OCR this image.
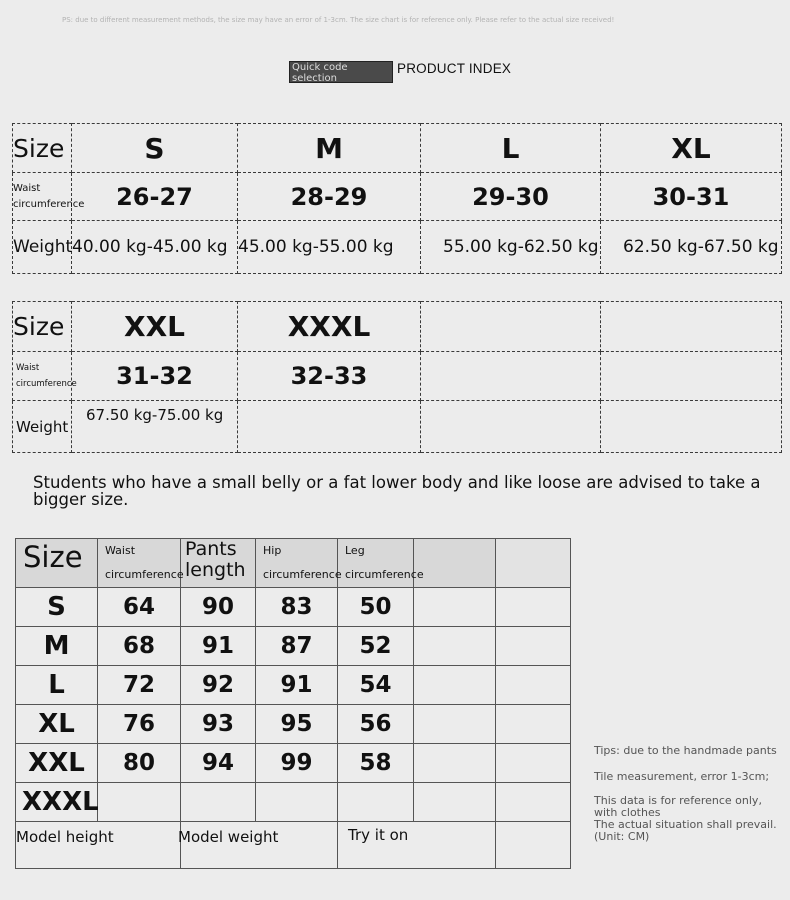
PS: due to different measurement methods, the size may have an error of 1-3cm. The size chart is for reference only. Please refer to the actual size received!
Quick code selection
PRODUCT INDEX
Size	S	M	L	XL
Waist circumference	26-27	28-29	29-30	30-31
Weight	40.00 kg-45.00 kg	45.00 kg-55.00 kg	55.00 kg-62.50 kg	62.50 kg-67.50 kg
Size	XXL	XXXL		
Waist circumference	31-32	32-33		
Weight	67.50 kg-75.00 kg			
Students who have a small belly or a fat lower body and like loose are advised to take a bigger size.
Size	Waist circumference	Pants length	Hip circumference	Leg circumference		
S	64	90	83	50		
M	68	91	87	52		
L	72	92	91	54		
XL	76	93	95	56		
XXL	80	94	99	58		
XXXL						
Model height	Model weight	Try it on	
Tips: due to the handmade pants
Tile measurement, error 1-3cm;
This data is for reference only, with clothes
The actual situation shall prevail. (Unit: CM)
